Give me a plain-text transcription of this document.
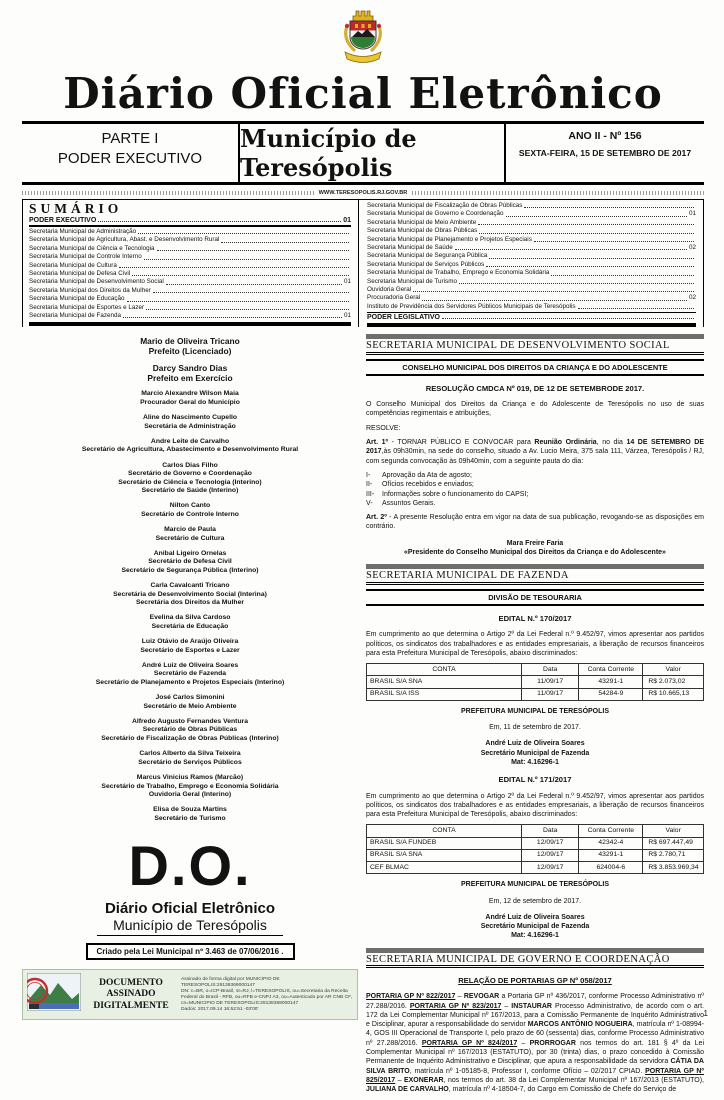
Diário Oficial Eletrônico
PARTE I
PODER EXECUTIVO
Município de Teresópolis
ANO II - Nº 156
SEXTA-FEIRA, 15 DE SETEMBRO DE 2017
WWW.TERESOPOLIS.RJ.GOV.BR
SUMÁRIO
PODER EXECUTIVO	01
Secretaria Municipal de Administração
Secretaria Municipal de Agricultura, Abast. e Desenvolvimento Rural
Secretaria Municipal de Ciência e Tecnologia
Secretaria Municipal de Controle Interno
Secretaria Municipal de Cultura
Secretaria Municipal de Defesa Civil
Secretaria Municipal de Desenvolvimento Social	01
Secretaria Municipal dos Direitos da Mulher
Secretaria Municipal de Educação
Secretaria Municipal de Esportes e Lazer
Secretaria Municipal de Fazenda	01
Secretaria Municipal de Fiscalização de Obras Públicas
Secretaria Municipal de Governo e Coordenação	01
Secretaria Municipal de Meio Ambiente
Secretaria Municipal de Obras Públicas
Secretaria Municipal de Planejamento e Projetos Especiais
Secretaria Municipal de Saúde	02
Secretaria Municipal de Segurança Pública
Secretaria Municipal de Serviços Públicos
Secretaria Municipal de Trabalho, Emprego e Economia Solidária
Secretaria Municipal de Turismo
Ouvidoria Geral
Procuradoria Geral	02
Instituto de Previdência dos Servidores Públicos Municipais de Teresópolis
PODER LEGISLATIVO
Mario de Oliveira Tricano
Prefeito (Licenciado)
Darcy Sandro Dias
Prefeito em Exercício
Marcio Alexandre Wilson Maia
Procurador Geral do Município
Aline do Nascimento Cupello
Secretária de Administração
Andre Leite de Carvalho
Secretário de Agricultura, Abastecimento e Desenvolvimento Rural
Carlos Dias Filho
Secretário de Governo e Coordenação
Secretário de Ciência e Tecnologia (Interino)
Secretário de Saúde (Interino)
Nilton Canto
Secretário de Controle Interno
Marcio de Paula
Secretário de Cultura
Anibal Ligeiro Ornelas
Secretário de Defesa Civil
Secretário de Segurança Pública (Interino)
Carla Cavalcanti Tricano
Secretária de Desenvolvimento Social (Interina)
Secretária dos Direitos da Mulher
Evelina da Silva Cardoso
Secretária de Educação
Luiz Otávio de Araújo Oliveira
Secretário de Esportes e Lazer
André Luiz de Oliveira Soares
Secretário de Fazenda
Secretário de Planejamento e Projetos Especiais (Interino)
José Carlos Simonini
Secretário de Meio Ambiente
Alfredo Augusto Fernandes Ventura
Secretário de Obras Públicas
Secretário de Fiscalização de Obras Públicas (Interino)
Carlos Alberto da Silva Teixeira
Secretário de Serviços Públicos
Marcus Vinicius Ramos (Marcão)
Secretário de Trabalho, Emprego e Economia Solidária
Ouvidoria Geral (Interino)
Elisa de Souza Martins
Secretário de Turismo
D.O.
Diário Oficial Eletrônico
Município de Teresópolis
Criado pela Lei Municipal nº 3.463 de 07/06/2016 .
DOCUMENTO ASSINADO DIGITALMENTE
Assinado de forma digital por MUNICIPIO DE TERESOPOLIS:29138369000147
DN: c=BR, o=ICP-Brasil, st=RJ, l=TERESOPOLIS, ou=Secretaria da Receita Federal do Brasil - RFB, ou=RFB e-CNPJ A3, ou=Autenticado por AR CNB CF, cn=MUNICIPIO DE TERESOPOLIS:29138369000147
Dados: 2017.09.14 16:52:51 -03'00'
SECRETARIA MUNICIPAL DE DESENVOLVIMENTO SOCIAL
CONSELHO MUNICIPAL DOS DIREITOS DA CRIANÇA E DO ADOLESCENTE
RESOLUÇÃO CMDCA Nº 019, DE 12 DE SETEMBRODE 2017.

O Conselho Municipal dos Direitos da Criança e do Adolescente de Teresópolis no uso de suas competências regimentais e atribuições,

RESOLVE:

Art. 1º - TORNAR PÚBLICO E CONVOCAR para Reunião Ordinária, no dia 14 DE SETEMBRO DE 2017,às 09h30min, na sede do conselho, situado a Av. Lucio Meira, 375 sala 111, Várzea, Teresópolis / RJ, com segunda convocação às 09h40min, com a seguinte pauta do dia:

I-	Aprovação da Ata de agosto;
II-	Ofícios recebidos e enviados;
III-	Informações sobre o funcionamento do CAPSI;
V-	Assuntos Gerais.

Art. 2º - A presente Resolução entra em vigor na data de sua publicação, revogando-se as disposições em contrário.

Mara Freire Faria
«Presidente do Conselho Municipal dos Direitos da Criança e do Adolescente»
SECRETARIA MUNICIPAL DE FAZENDA
DIVISÃO DE TESOURARIA
EDITAL N.º 170/2017

Em cumprimento ao que determina o Artigo 2º da Lei Federal n.º 9.452/97, vimos apresentar aos partidos políticos, os sindicatos dos trabalhadores e as entidades empresariais, a liberação de recursos financeiros para esta Prefeitura Municipal de Teresópolis, abaixo discriminados:

CONTA	Data	Conta Corrente	Valor
BRASIL S/A SNA	11/09/17	43291-1	R$ 2.073,02
BRASIL S/A ISS	11/09/17	54284-9	R$ 10.665,13
PREFEITURA MUNICIPAL DE TERESÓPOLIS
Em, 11 de setembro de 2017.
André Luiz de Oliveira Soares
Secretário Municipal de Fazenda
Mat: 4.16296-1
EDITAL N.º 171/2017

Em cumprimento ao que determina o Artigo 2º da Lei Federal n.º 9.452/97, vimos apresentar aos partidos políticos, os sindicatos dos trabalhadores e as entidades empresariais, a liberação de recursos financeiros para esta Prefeitura Municipal de Teresópolis, abaixo discriminados:

CONTA	Data	Conta Corrente	Valor
BRASIL S/A FUNDEB	12/09/17	42342-4	R$ 697.447,49
BRASIL S/A SNA	12/09/17	43291-1	R$ 2.780,71
CEF BLMAC	12/09/17	624004-6	R$ 3.853.969,34
PREFEITURA MUNICIPAL DE TERESÓPOLIS
Em, 12 de setembro de 2017.
André Luiz de Oliveira Soares
Secretário Municipal de Fazenda
Mat: 4.16296-1
SECRETARIA MUNICIPAL DE GOVERNO E COORDENAÇÃO
RELAÇÃO DE PORTARIAS GP Nº 058/2017

PORTARIA GP Nº 822/2017 – REVOGAR a Portaria GP nº 436/2017, conforme Processo Administrativo nº 27.288/2016. PORTARIA GP Nº 823/2017 – INSTAURAR Processo Administrativo, de acordo com o art. 172 da Lei Complementar Municipal nº 167/2013, para a Comissão Permanente de Inquérito Administrativo e Disciplinar, apurar a responsabilidade do servidor MARCOS ANTÔNIO NOGUEIRA, matrícula nº 1-08994-4, GOS III Operacional de Transporte I, pelo prazo de 60 (sessenta) dias, conforme Processo Administrativo nº 27.288/2016. PORTARIA GP Nº 824/2017 – PRORROGAR nos termos do art. 181 § 4º da Lei Complementar Municipal nº 167/2013 (ESTATUTO), por 30 (trinta) dias, o prazo concedido à Comissão Permanente de Inquérito Administrativo e Disciplinar, que apura a responsabilidade da servidora CÁTIA DA SILVA BRITO, matrícula nº 1-05185-8, Professor I, conforme Ofício – 02/2017 CPIAD. PORTARIA GP Nº 825/2017 – EXONERAR, nos termos do art. 38 da Lei Complementar Municipal nº 167/2013 (ESTATUTO), JULIANA DE CARVALHO, matrícula nº 4-18504-7, do Cargo em Comissão de Chefe do Serviço de

1
